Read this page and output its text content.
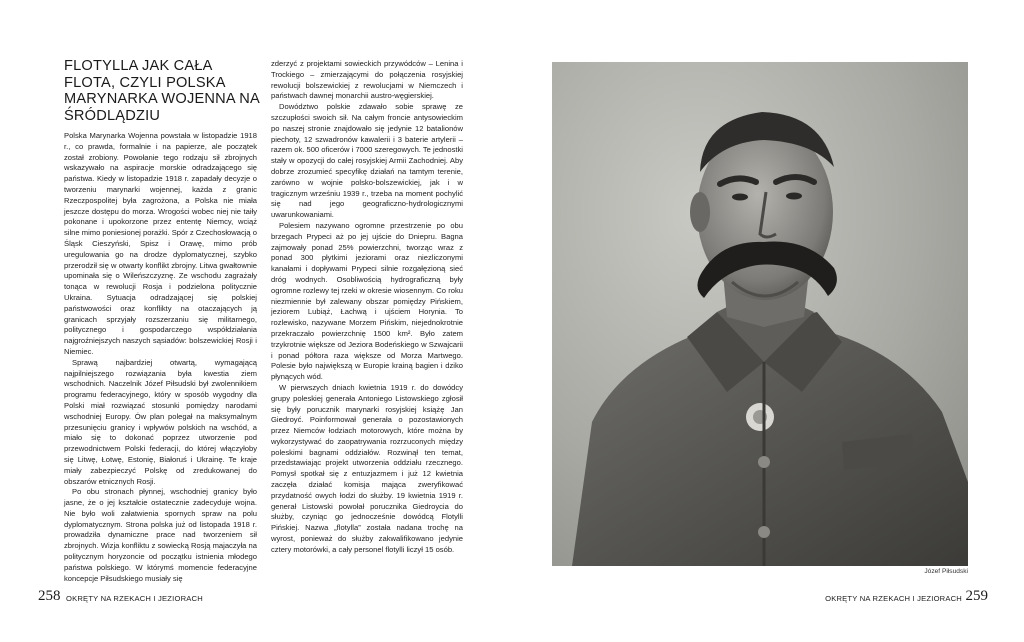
FLOTYLLA JAK CAŁA FLOTA, CZYLI POLSKA MARYNARKA WOJENNA NA ŚRÓDLĄDZIU

Polska Marynarka Wojenna powstała w listopadzie 1918 r., co prawda, formalnie i na papierze, ale początek został zrobiony. Powołanie tego rodzaju sił zbrojnych wskazywało na aspiracje morskie odradzającego się państwa. Kiedy w listopadzie 1918 r. zapadały decyzje o tworzeniu marynarki wojennej, każda z granic Rzeczpospolitej była zagrożona, a Polska nie miała jeszcze dostępu do morza. Wrogości wobec niej nie taiły pokonane i upokorzone przez ententę Niemcy, wciąż silne mimo poniesionej porażki. Spór z Czechosłowacją o Śląsk Cieszyński, Spisz i Orawę, mimo prób uregulowania go na drodze dyplomatycznej, szybko przerodził się w otwarty konflikt zbrojny. Litwa gwałtownie upominała się o Wileńszczyznę. Ze wschodu zagrażały tonąca w rewolucji Rosja i podzielona politycznie Ukraina. Sytuacja odradzającej się polskiej państwowości oraz konflikty na otaczających ją granicach sprzyjały rozszerzaniu się militarnego, politycznego i gospodarczego współdziałania najgroźniejszych naszych sąsiadów: bolszewickiej Rosji i Niemiec.

Sprawą najbardziej otwartą, wymagającą najpilniejszego rozwiązania była kwestia ziem wschodnich. Naczelnik Józef Piłsudski był zwolennikiem programu federacyjnego, który w sposób wygodny dla Polski miał rozwiązać stosunki pomiędzy narodami wschodniej Europy. Ów plan polegał na maksymalnym przesunięciu granicy i wpływów polskich na wschód, a miało się to dokonać poprzez utworzenie pod przewodnictwem Polski federacji, do której włączyłoby się Litwę, Łotwę, Estonię, Białoruś i Ukrainę. Te kraje miały zabezpieczyć Polskę od zredukowanej do obszarów etnicznych Rosji.

Po obu stronach płynnej, wschodniej granicy było jasne, że o jej kształcie ostatecznie zadecyduje wojna. Nie było woli załatwienia spornych spraw na polu dyplomatycznym. Strona polska już od listopada 1918 r. prowadziła dynamiczne prace nad tworzeniem sił zbrojnych. Wizja konfliktu z sowiecką Rosją majaczyła na politycznym horyzoncie od początku istnienia młodego państwa polskiego. W którymś momencie federacyjne koncepcje Piłsudskiego musiały się

zderzyć z projektami sowieckich przywódców – Lenina i Trockiego – zmierzającymi do połączenia rosyjskiej rewolucji bolszewickiej z rewolucjami w Niemczech i państwach dawnej monarchii austro-węgierskiej.

Dowództwo polskie zdawało sobie sprawę ze szczupłości swoich sił. Na całym froncie antysowieckim po naszej stronie znajdowało się jedynie 12 batalionów piechoty, 12 szwadronów kawalerii i 3 baterie artylerii – razem ok. 500 oficerów i 7000 szeregowych. Te jednostki stały w opozycji do całej rosyjskiej Armii Zachodniej. Aby dobrze zrozumieć specyfikę działań na tamtym terenie, zarówno w wojnie polsko-bolszewickiej, jak i w tragicznym wrześniu 1939 r., trzeba na moment pochylić się nad jego geograficzno-hydrologicznymi uwarunkowaniami.

Polesiem nazywano ogromne przestrzenie po obu brzegach Prypeci aż po jej ujście do Dniepru. Bagna zajmowały ponad 25% powierzchni, tworząc wraz z ponad 300 płytkimi jeziorami oraz niezliczonymi kanałami i dopływami Prypeci silnie rozgałęzioną sieć dróg wodnych. Osobliwością hydrograficzną były ogromne rozlewy tej rzeki w okresie wiosennym. Co roku niezmiennie był zalewany obszar pomiędzy Pińskiem, jeziorem Lubiąż, Łachwą i ujściem Horynia. To rozlewisko, nazywane Morzem Pińskim, niejednokrotnie przekraczało powierzchnię 1500 km². Było zatem trzykrotnie większe od Jeziora Bodeńskiego w Szwajcarii i ponad półtora raza większe od Morza Martwego. Polesie było największą w Europie krainą bagien i dziko płynących wód.

W pierwszych dniach kwietnia 1919 r. do dowódcy grupy poleskiej generała Antoniego Listowskiego zgłosił się były porucznik marynarki rosyjskiej książę Jan Giedroyć. Poinformował generała o pozostawionych przez Niemców łodziach motorowych, które można by wykorzystywać do zaopatrywania rozrzuconych między poleskimi bagnami oddziałów. Rozwinął ten temat, przedstawiając projekt utworzenia oddziału rzecznego. Pomysł spotkał się z entuzjazmem i już 12 kwietnia zaczęła działać komisja mająca zweryfikować przydatność owych łodzi do służby. 19 kwietnia 1919 r. generał Listowski powołał porucznika Giedroycia do służby, czyniąc go jednocześnie dowódcą Flotylli Pińskiej. Nazwa „flotylla” została nadana trochę na wyrost, ponieważ do służby zakwalifikowano jedynie cztery motorówki, a cały personel flotylli liczył 15 osób.

Józef Piłsudski
258 OKRĘTY NA RZEKACH I JEZIORACH	OKRĘTY NA RZEKACH I JEZIORACH 259
